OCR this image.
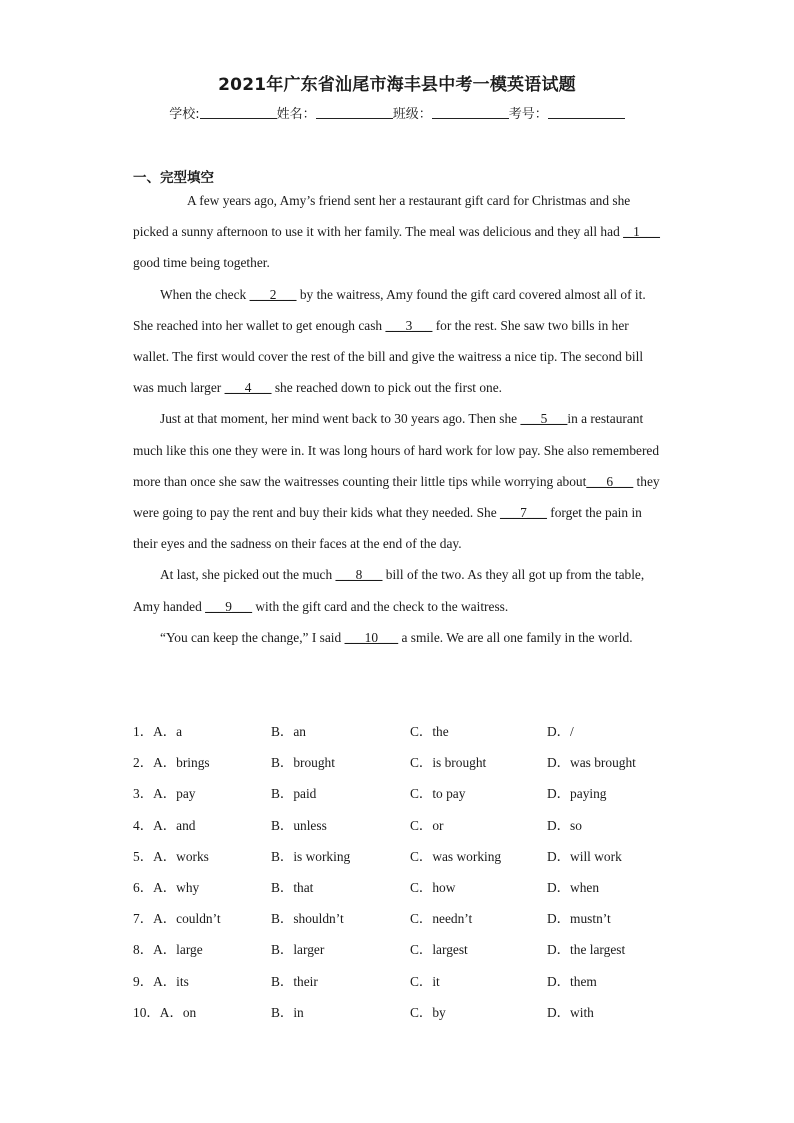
2021年广东省汕尾市海丰县中考一模英语试题
学校:	姓名：	班级：	考号：
一、完型填空

A few years ago, Amy’s friend sent her a restaurant gift card for Christmas and she picked a sunny afternoon to use it with her family. The meal was delicious and they all had _ 1___ good time being together.

When the check ___2___ by the waitress, Amy found the gift card covered almost all of it. She reached into her wallet to get enough cash ___3___ for the rest. She saw two bills in her wallet. The first would cover the rest of the bill and give the waitress a nice tip. The second bill was much larger ___4___ she reached down to pick out the first one.

Just at that moment, her mind went back to 30 years ago. Then she ___5___in a restaurant much like this one they were in. It was long hours of hard work for low pay. She also remembered more than once she saw the waitresses counting their little tips while worrying about___6___ they were going to pay the rent and buy their kids what they needed. She ___7___ forget the pain in their eyes and the sadness on their faces at the end of the day.

At last, she picked out the much ___8___ bill of the two. As they all got up from the table, Amy handed ___9___ with the gift card and the check to the waitress.

“You can keep the change,” I said ___10___ a smile. We are all one family in the world.

1．A．a	B．an	C．the	D．/
2．A．brings	B．brought	C．is brought	D．was brought
3．A．pay	B．paid	C．to pay	D．paying
4．A．and	B．unless	C．or	D．so
5．A．works	B．is working	C．was working	D．will work
6．A．why	B．that	C．how	D．when
7．A．couldn’t	B．shouldn’t	C．needn’t	D．mustn’t
8．A．large	B．larger	C．largest	D．the largest
9．A．its	B．their	C．it	D．them
10．A．on	B．in	C．by	D．with
